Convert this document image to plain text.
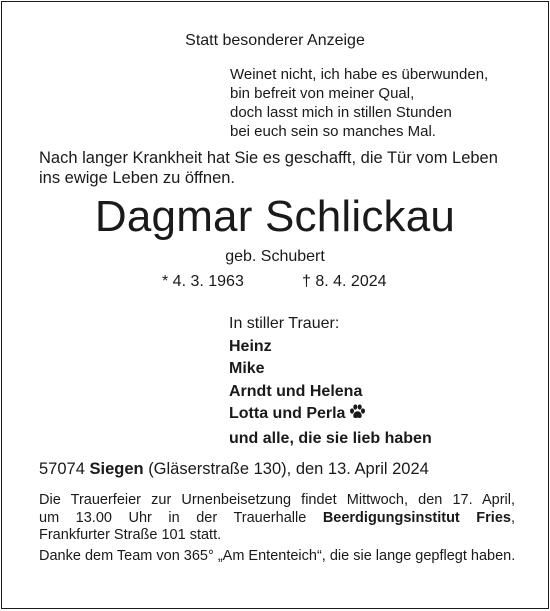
Statt besonderer Anzeige
Weinet nicht, ich habe es überwunden,
bin befreit von meiner Qual,
doch lasst mich in stillen Stunden
bei euch sein so manches Mal.
Nach langer Krankheit hat Sie es geschafft, die Tür vom Leben
ins ewige Leben zu öffnen.
Dagmar Schlickau
geb. Schubert
* 4. 3. 1963	† 8. 4. 2024
In stiller Trauer:
Heinz
Mike
Arndt und Helena
Lotta und Perla
und alle, die sie lieb haben
57074 Siegen (Gläserstraße 130), den 13. April 2024
Die Trauerfeier zur Urnenbeisetzung findet Mittwoch, den 17. April,
um 13.00 Uhr in der Trauerhalle Beerdigungsinstitut Fries,
Frankfurter Straße 101 statt.
Danke dem Team von 365° „Am Ententeich“, die sie lange gepflegt haben.
